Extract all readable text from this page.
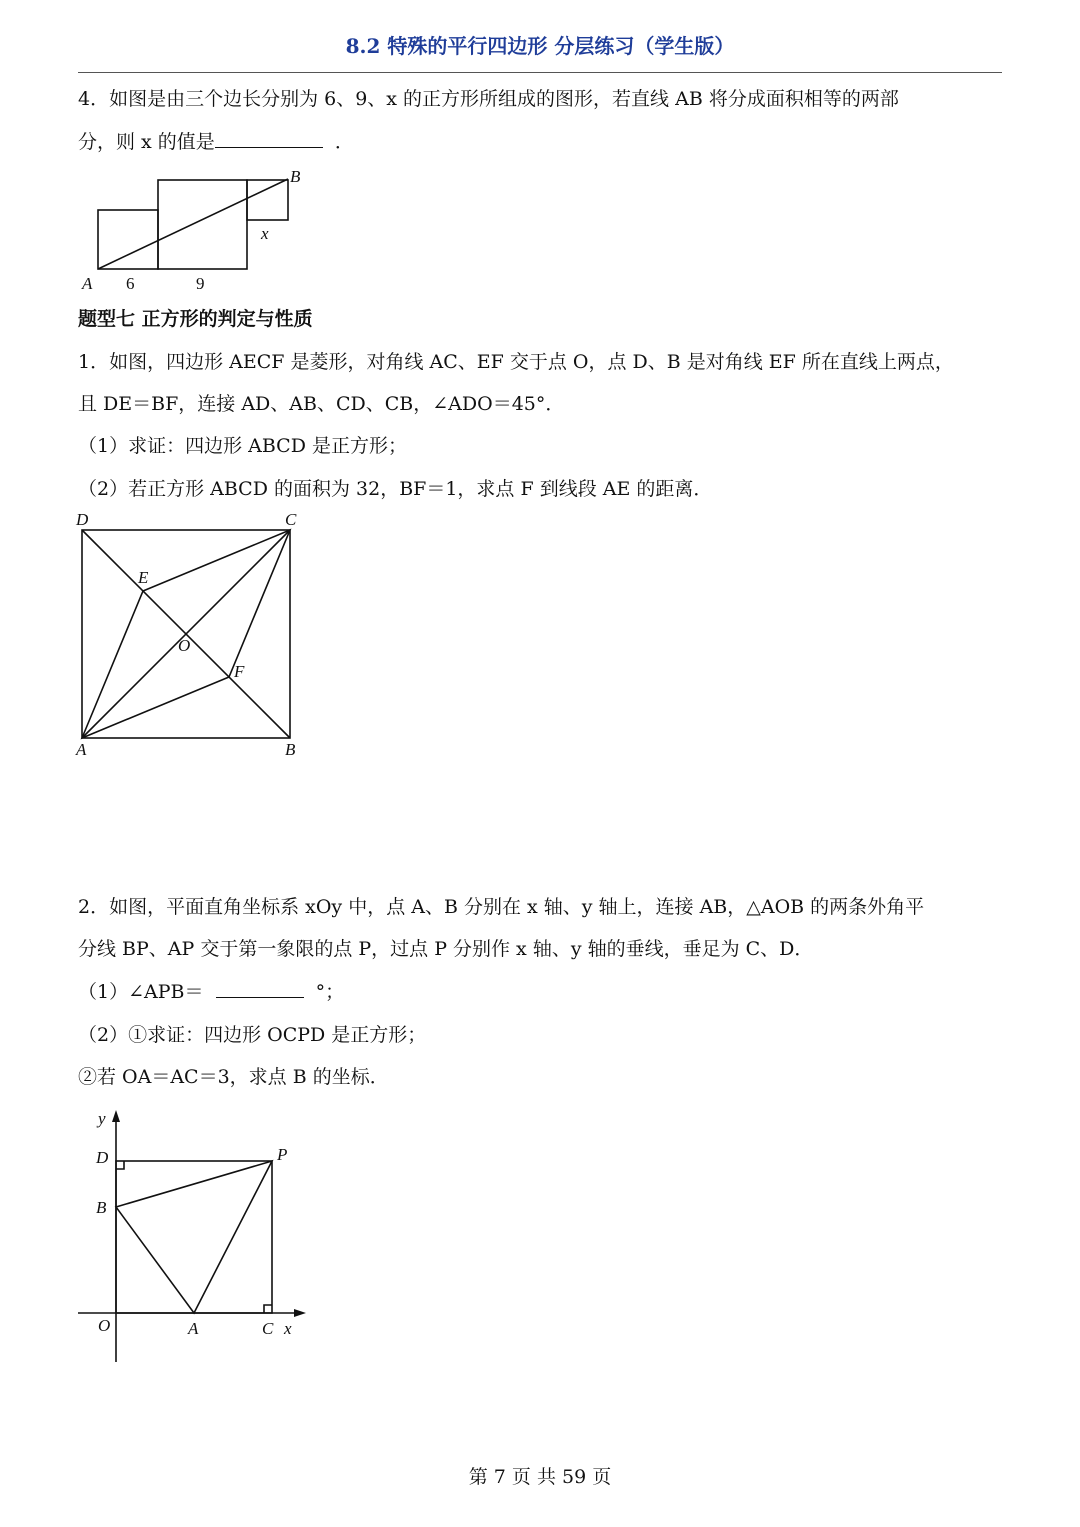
8.2 特殊的平行四边形 分层练习（学生版）
4．如图是由三个边长分别为 6、9、x 的正方形所组成的图形，若直线 AB 将分成面积相等的两部
分，则 x 的值是	．
A
B
x
6	9
题型七 正方形的判定与性质
1．如图，四边形 AECF 是菱形，对角线 AC、EF 交于点 O，点 D、B 是对角线 EF 所在直线上两点，
且 DE＝BF，连接 AD、AB、CD、CB，∠ADO＝45°．
（1）求证：四边形 ABCD 是正方形；
（2）若正方形 ABCD 的面积为 32，BF＝1，求点 F 到线段 AE 的距离．
D	C
A	B
E
F
O
2．如图，平面直角坐标系 xOy 中，点 A、B 分别在 x 轴、y 轴上，连接 AB，△AOB 的两条外角平
分线 BP、AP 交于第一象限的点 P，过点 P 分别作 x 轴、y 轴的垂线，垂足为 C、D．
（1）∠APB＝	°；
（2）①求证：四边形 OCPD 是正方形；
②若 OA＝AC＝3，求点 B 的坐标．
y
x
D	P
B
O	A	C
第 7 页 共 59 页
